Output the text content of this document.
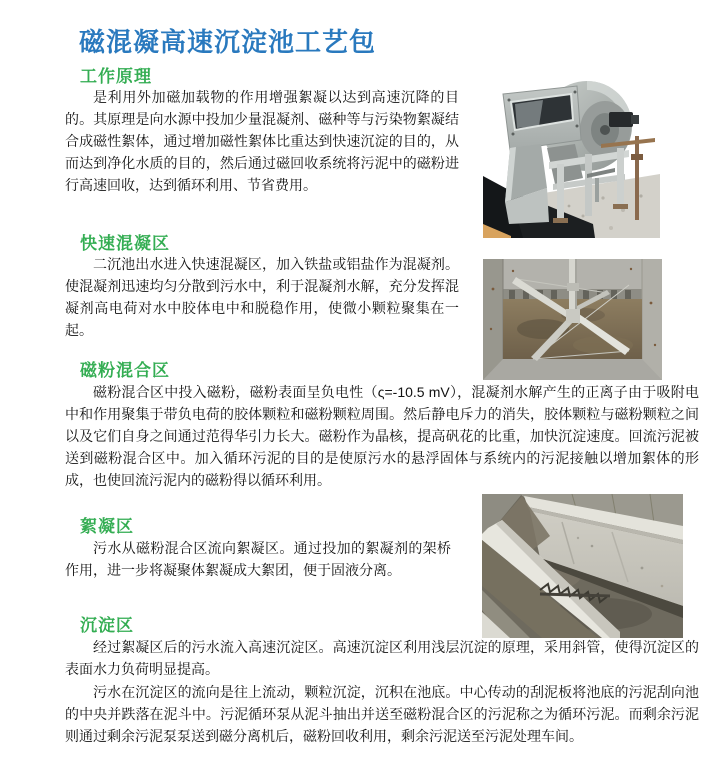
磁混凝高速沉淀池工艺包
工作原理

是利用外加磁加载物的作用增强絮凝以达到高速沉降的目的。其原理是向水源中投加少量混凝剂、磁种等与污染物絮凝结合成磁性絮体，通过增加磁性絮体比重达到快速沉淀的目的，从而达到净化水质的目的，然后通过磁回收系统将污泥中的磁粉进行高速回收，达到循环利用、节省费用。

快速混凝区

二沉池出水进入快速混凝区，加入铁盐或铝盐作为混凝剂。使混凝剂迅速均匀分散到污水中，利于混凝剂水解，充分发挥混凝剂高电荷对水中胶体电中和脱稳作用，使微小颗粒聚集在一起。

磁粉混合区

磁粉混合区中投入磁粉，磁粉表面呈负电性（ς=-10.5 mV），混凝剂水解产生的正离子由于吸附电中和作用聚集于带负电荷的胶体颗粒和磁粉颗粒周围。然后静电斥力的消失，胶体颗粒与磁粉颗粒之间以及它们自身之间通过范得华引力长大。磁粉作为晶核，提高矾花的比重，加快沉淀速度。回流污泥被送到磁粉混合区中。加入循环污泥的目的是使原污水的悬浮固体与系统内的污泥接触以增加絮体的形成，也使回流污泥内的磁粉得以循环利用。

絮凝区

污水从磁粉混合区流向絮凝区。通过投加的絮凝剂的架桥作用，进一步将凝聚体絮凝成大絮团，便于固液分离。

沉淀区

经过絮凝区后的污水流入高速沉淀区。高速沉淀区利用浅层沉淀的原理，采用斜管，使得沉淀区的表面水力负荷明显提高。

污水在沉淀区的流向是往上流动，颗粒沉淀，沉积在池底。中心传动的刮泥板将池底的污泥刮向池的中央并跌落在泥斗中。污泥循环泵从泥斗抽出并送至磁粉混合区的污泥称之为循环污泥。而剩余污泥则通过剩余污泥泵泵送到磁分离机后，磁粉回收利用，剩余污泥送至污泥处理车间。
